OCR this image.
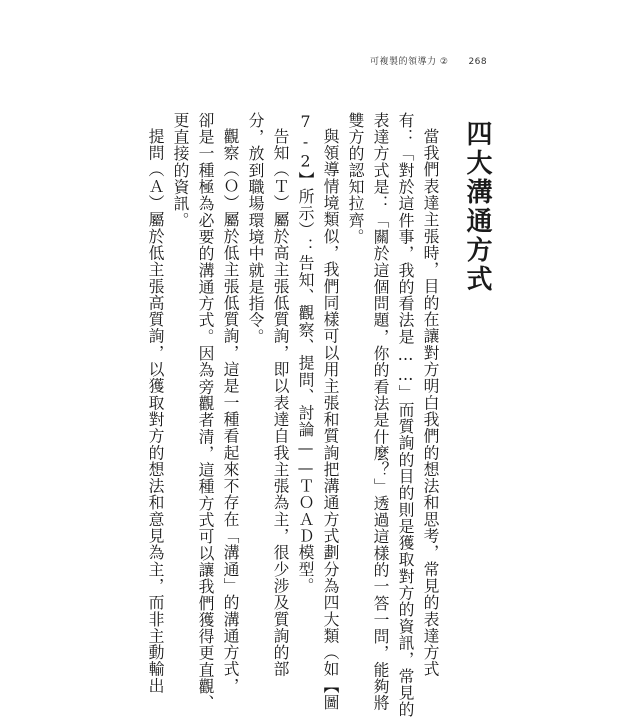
可複製的領導力 ② 268
四大溝通方式
當我們表達主張時，目的在讓對方明白我們的想法和思考，常見的表達方式
有：「對於這件事，我的看法是……」而質詢的目的則是獲取對方的資訊，常見的
表達方式是：「關於這個問題，你的看法是什麼？」透過這樣的一答一問，能夠將
雙方的認知拉齊。
與領導情境類似，我們同樣可以用主張和質詢把溝通方式劃分為四大類（如【圖
7-2】所示）：告知、觀察、提問、討論——ＴＯＡＤ模型。
告知（Ｔ）屬於高主張低質詢，即以表達自我主張為主，很少涉及質詢的部
分，放到職場環境中就是指令。
觀察（Ｏ）屬於低主張低質詢，這是一種看起來不存在「溝通」的溝通方式，
卻是一種極為必要的溝通方式。因為旁觀者清，這種方式可以讓我們獲得更直觀、
更直接的資訊。
提問（Ａ）屬於低主張高質詢，以獲取對方的想法和意見為主，而非主動輸出
